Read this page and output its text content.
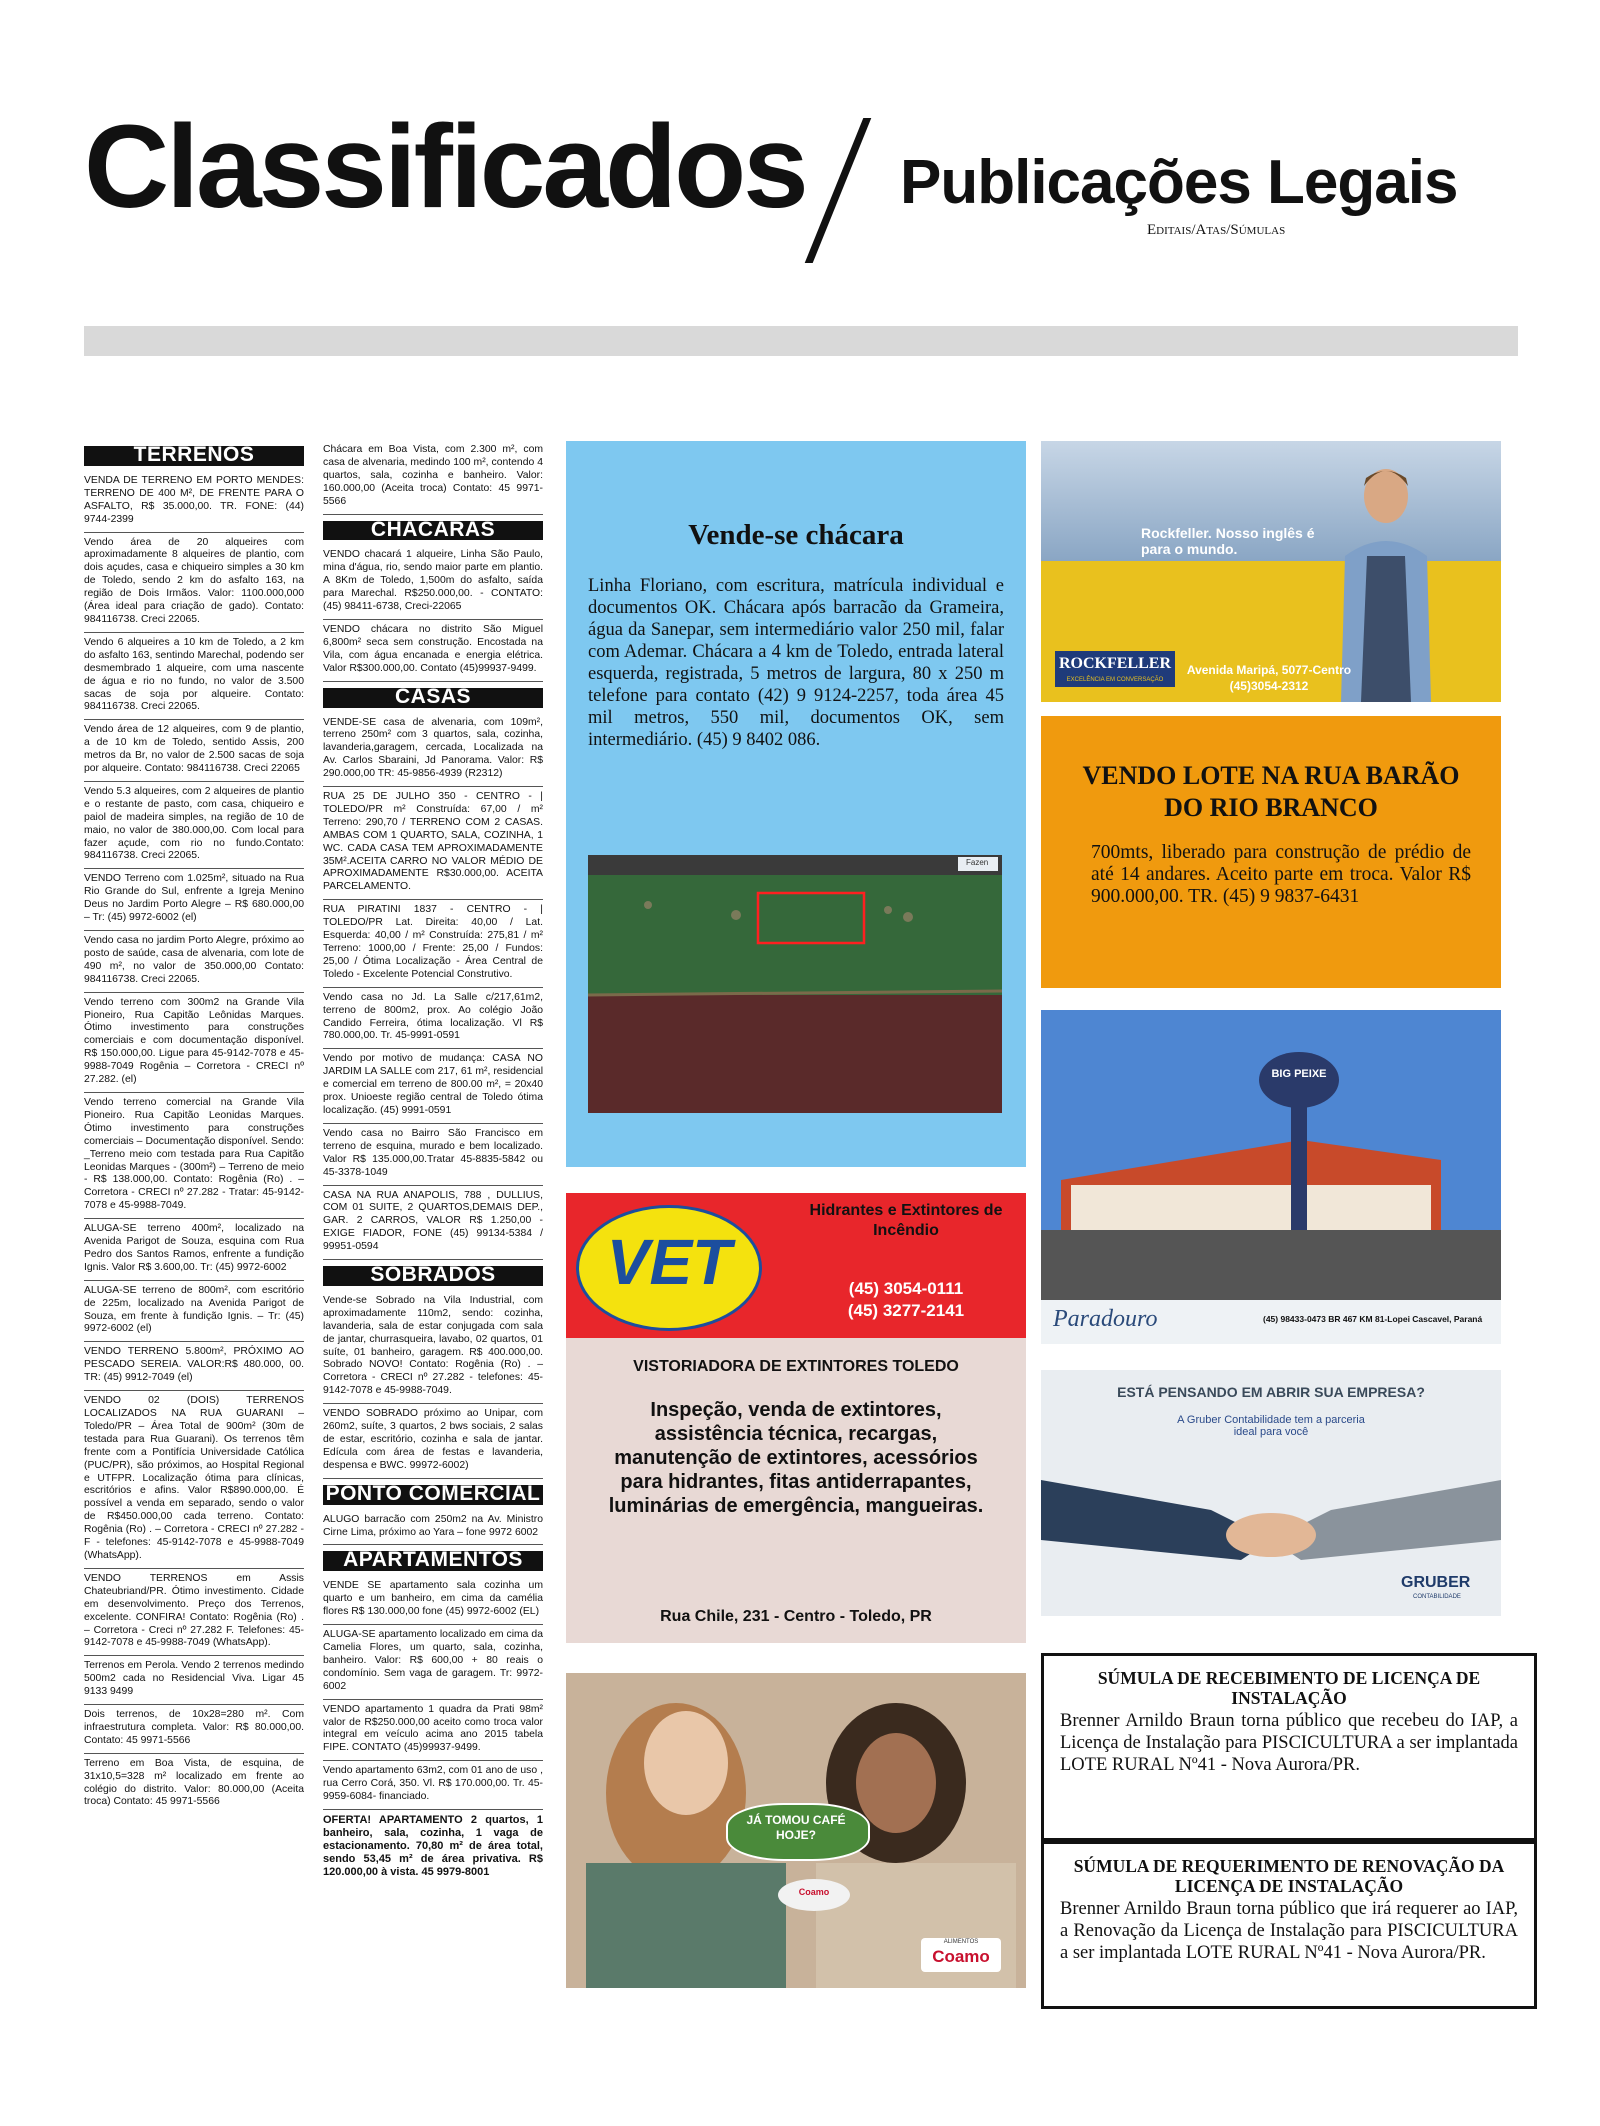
Classificados Publicações Legais
Editais/Atas/Súmulas
TERRENOS

VENDA DE TERRENO EM PORTO MENDES: TERRENO DE 400 M², DE FRENTE PARA O ASFALTO, R$ 35.000,00. TR. FONE: (44) 9744-2399

Vendo área de 20 alqueires com aproximadamente 8 alqueires de plantio, com dois açudes, casa e chiqueiro simples a 30 km de Toledo, sendo 2 km do asfalto 163, na região de Dois Irmãos. Valor: 1100.000,000 (Área ideal para criação de gado). Contato: 984116738. Creci 22065.

Vendo 6 alqueires a 10 km de Toledo, a 2 km do asfalto 163, sentindo Marechal, podendo ser desmembrado 1 alqueire, com uma nascente de água e rio no fundo, no valor de 3.500 sacas de soja por alqueire. Contato: 984116738. Creci 22065.

Vendo área de 12 alqueires, com 9 de plantio, a de 10 km de Toledo, sentido Assis, 200 metros da Br, no valor de 2.500 sacas de soja por alqueire. Contato: 984116738. Creci 22065

Vendo 5.3 alqueires, com 2 alqueires de plantio e o restante de pasto, com casa, chiqueiro e paiol de madeira simples, na região de 10 de maio, no valor de 380.000,00. Com local para fazer açude, com rio no fundo.Contato: 984116738. Creci 22065.

VENDO Terreno com 1.025m², situado na Rua Rio Grande do Sul, enfrente a Igreja Menino Deus no Jardim Porto Alegre – R$ 680.000,00 – Tr: (45) 9972-6002 (el)

Vendo casa no jardim Porto Alegre, próximo ao posto de saúde, casa de alvenaria, com lote de 490 m², no valor de 350.000,00 Contato: 984116738. Creci 22065.

Vendo terreno com 300m2 na Grande Vila Pioneiro, Rua Capitão Leônidas Marques. Ótimo investimento para construções comerciais e com documentação disponível. R$ 150.000,00. Ligue para 45-9142-7078 e 45-9988-7049 Rogênia – Corretora - CRECI nº 27.282. (el)

Vendo terreno comercial na Grande Vila Pioneiro. Rua Capitão Leonidas Marques. Ótimo investimento para construções comerciais – Documentação disponível. Sendo: _Terreno meio com testada para Rua Capitão Leonidas Marques - (300m²) – Terreno de meio - R$ 138.000,00. Contato: Rogênia (Ro) . – Corretora - CRECI nº 27.282 - Tratar: 45-9142-7078 e 45-9988-7049.

ALUGA-SE terreno 400m², localizado na Avenida Parigot de Souza, esquina com Rua Pedro dos Santos Ramos, enfrente a fundição Ignis. Valor R$ 3.600,00. Tr: (45) 9972-6002

ALUGA-SE terreno de 800m², com escritório de 225m, localizado na Avenida Parigot de Souza, em frente à fundição Ignis. – Tr: (45) 9972-6002 (el)

VENDO TERRENO 5.800m², PRÓXIMO AO PESCADO SEREIA. VALOR:R$ 480.000, 00. TR: (45) 9912-7049 (el)

VENDO 02 (DOIS) TERRENOS LOCALIZADOS NA RUA GUARANI – Toledo/PR – Área Total de 900m² (30m de testada para Rua Guarani). Os terrenos têm frente com a Pontifícia Universidade Católica (PUC/PR), são próximos, ao Hospital Regional e UTFPR. Localização ótima para clínicas, escritórios e afins. Valor R$890.000,00. É possível a venda em separado, sendo o valor de R$450.000,00 cada terreno. Contato: Rogênia (Ro) . – Corretora - CRECI nº 27.282 - F - telefones: 45-9142-7078 e 45-9988-7049 (WhatsApp).

VENDO TERRENOS em Assis Chateubriand/PR. Ótimo investimento. Cidade em desenvolvimento. Preço dos Terrenos, excelente. CONFIRA! Contato: Rogênia (Ro) . – Corretora - Creci nº 27.282 F. Telefones: 45-9142-7078 e 45-9988-7049 (WhatsApp).

Terrenos em Perola. Vendo 2 terrenos medindo 500m2 cada no Residencial Viva. Ligar 45 9133 9499

Dois terrenos, de 10x28=280 m². Com infraestrutura completa. Valor: R$ 80.000,00. Contato: 45 9971-5566

Terreno em Boa Vista, de esquina, de 31x10,5=328 m² localizado em frente ao colégio do distrito. Valor: 80.000,00 (Aceita troca) Contato: 45 9971-5566

Chácara em Boa Vista, com 2.300 m², com casa de alvenaria, medindo 100 m², contendo 4 quartos, sala, cozinha e banheiro. Valor: 160.000,00 (Aceita troca) Contato: 45 9971-5566

CHACARAS

VENDO chacará 1 alqueire, Linha São Paulo, mina d'água, rio, sendo maior parte em plantio. A 8Km de Toledo, 1,500m do asfalto, saída para Marechal. R$250.000,00. - CONTATO: (45) 98411-6738, Creci-22065

VENDO chácara no distrito São Miguel 6,800m² seca sem construção. Encostada na Vila, com água encanada e energia elétrica. Valor R$300.000,00. Contato (45)99937-9499.

CASAS

VENDE-SE casa de alvenaria, com 109m², terreno 250m² com 3 quartos, sala, cozinha, lavanderia,garagem, cercada, Localizada na Av. Carlos Sbaraini, Jd Panorama. Valor: R$ 290.000,00 TR: 45-9856-4939 (R2312)

RUA 25 DE JULHO 350 - CENTRO - | TOLEDO/PR m² Construída: 67,00 / m² Terreno: 290,70 / TERRENO COM 2 CASAS. AMBAS COM 1 QUARTO, SALA, COZINHA, 1 WC. CADA CASA TEM APROXIMADAMENTE 35M².ACEITA CARRO NO VALOR MÉDIO DE APROXIMADAMENTE R$30.000,00. ACEITA PARCELAMENTO.

RUA PIRATINI 1837 - CENTRO - | TOLEDO/PR Lat. Direita: 40,00 / Lat. Esquerda: 40,00 / m² Construída: 275,81 / m² Terreno: 1000,00 / Frente: 25,00 / Fundos: 25,00 / Ótima Localização - Área Central de Toledo - Excelente Potencial Construtivo.

Vendo casa no Jd. La Salle c/217,61m2, terreno de 800m2, prox. Ao colégio João Candido Ferreira, ótima localização. Vl R$ 780.000,00. Tr. 45-9991-0591

Vendo por motivo de mudança: CASA NO JARDIM LA SALLE com 217, 61 m², residencial e comercial em terreno de 800.00 m², = 20x40 prox. Unioeste região central de Toledo ótima localização. (45) 9991-0591

Vendo casa no Bairro São Francisco em terreno de esquina, murado e bem localizado. Valor R$ 135.000,00.Tratar 45-8835-5842 ou 45-3378-1049

CASA NA RUA ANAPOLIS, 788 , DULLIUS, COM 01 SUITE, 2 QUARTOS,DEMAIS DEP., GAR. 2 CARROS, VALOR R$ 1.250,00 - EXIGE FIADOR, FONE (45) 99134-5384 / 99951-0594

SOBRADOS

Vende-se Sobrado na Vila Industrial, com aproximadamente 110m2, sendo: cozinha, lavanderia, sala de estar conjugada com sala de jantar, churrasqueira, lavabo, 02 quartos, 01 suíte, 01 banheiro, garagem. R$ 400.000,00. Sobrado NOVO! Contato: Rogênia (Ro) . – Corretora - CRECI nº 27.282 - telefones: 45-9142-7078 e 45-9988-7049.

VENDO SOBRADO próximo ao Unipar, com 260m2, suíte, 3 quartos, 2 bws sociais, 2 salas de estar, escritório, cozinha e sala de jantar. Edícula com área de festas e lavanderia, despensa e BWC. 99972-6002)

PONTO COMERCIAL

ALUGO barracão com 250m2 na Av. Ministro Cirne Lima, próximo ao Yara – fone 9972 6002

APARTAMENTOS

VENDE SE apartamento sala cozinha um quarto e um banheiro, em cima da camélia flores R$ 130.000,00 fone (45) 9972-6002 (EL)

ALUGA-SE apartamento localizado em cima da Camelia Flores, um quarto, sala, cozinha, banheiro. Valor: R$ 600,00 + 80 reais o condomínio. Sem vaga de garagem. Tr: 9972-6002

VENDO apartamento 1 quadra da Prati 98m² valor de R$250.000,00 aceito como troca valor integral em veículo acima ano 2015 tabela FIPE. CONTATO (45)99937-9499.

Vendo apartamento 63m2, com 01 ano de uso , rua Cerro Corá, 350. Vl. R$ 170.000,00. Tr. 45-9959-6084- financiado.

OFERTA! APARTAMENTO 2 quartos, 1 banheiro, sala, cozinha, 1 vaga de estacionamento. 70,80 m² de área total, sendo 53,45 m² de área privativa. R$ 120.000,00 à vista. 45 9979-8001

Vende-se chácara
Linha Floriano, com escritura, matrícula individual e documentos OK. Chácara após barracão da Grameira, água da Sanepar, sem intermediário valor 250 mil, falar com Ademar. Chácara a 4 km de Toledo, entrada lateral esquerda, registrada, 5 metros de largura, 80 x 250 m telefone para contato (42) 9 9124-2257, toda área 45 mil metros, 550 mil, documentos OK, sem intermediário. (45) 9 8402 086.
Fazen
Rockfeller. Nosso inglês é para o mundo.
ROCKFELLER
EXCELÊNCIA EM CONVERSAÇÃO
Avenida Maripá, 5077-Centro
(45)3054-2312
VENDO LOTE NA RUA BARÃO DO RIO BRANCO
700mts, liberado para construção de prédio de até 14 andares. Aceito parte em troca. Valor R$ 900.000,00. TR. (45) 9 9837-6431
BIG PEIXE
Paradouro	(45) 98433-0473 BR 467 KM 81-Lopei Cascavel, Paraná
ESTÁ PENSANDO EM ABRIR SUA EMPRESA?
A Gruber Contabilidade tem a parceria ideal para você
GRUBER
CONTABILIDADE
VET
Hidrantes e Extintores de Incêndio
(45) 3054-0111
(45) 3277-2141
VISTORIADORA DE EXTINTORES TOLEDO
Inspeção, venda de extintores, assistência técnica, recargas, manutenção de extintores, acessórios para hidrantes, fitas antiderrapantes, luminárias de emergência, mangueiras.
Rua Chile, 231 - Centro - Toledo, PR
JÁ TOMOU CAFÉ HOJE?
Coamo
ALIMENTOS
Coamo
SÚMULA DE RECEBIMENTO DE LICENÇA DE INSTALAÇÃO
Brenner Arnildo Braun torna público que recebeu do IAP, a Licença de Instalação para PISCICULTURA a ser implantada LOTE RURAL Nº41 - Nova Aurora/PR.
SÚMULA DE REQUERIMENTO DE RENOVAÇÃO DA LICENÇA DE INSTALAÇÃO
Brenner Arnildo Braun torna público que irá requerer ao IAP, a Renovação da Licença de Instalação para PISCICULTURA a ser implantada LOTE RURAL Nº41 - Nova Aurora/PR.
